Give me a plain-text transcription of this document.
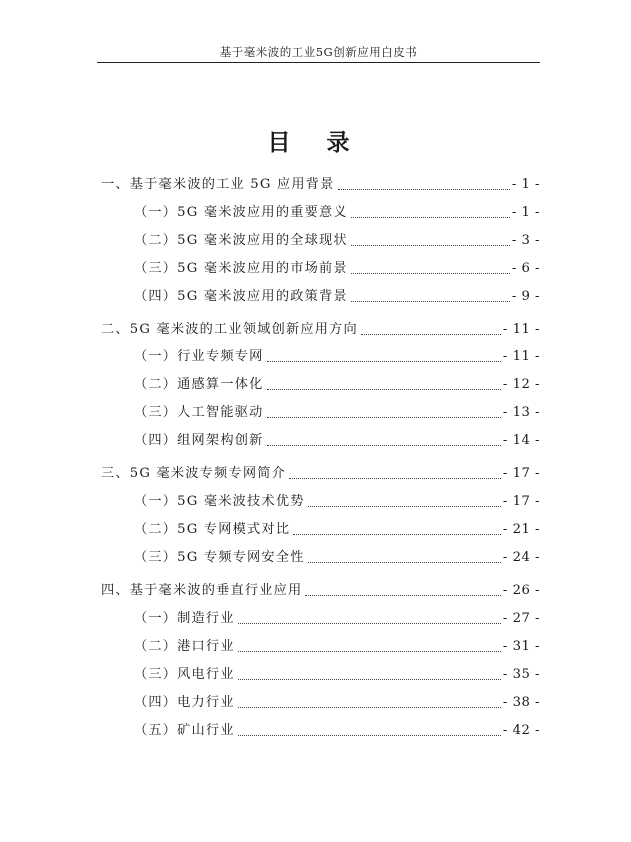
基于毫米波的工业5G创新应用白皮书
目 录
一、基于毫米波的工业 5G 应用背景	- 1 -
（一）5G 毫米波应用的重要意义	- 1 -
（二）5G 毫米波应用的全球现状	- 3 -
（三）5G 毫米波应用的市场前景	- 6 -
（四）5G 毫米波应用的政策背景	- 9 -
二、5G 毫米波的工业领域创新应用方向	- 11 -
（一）行业专频专网	- 11 -
（二）通感算一体化	- 12 -
（三）人工智能驱动	- 13 -
（四）组网架构创新	- 14 -
三、5G 毫米波专频专网简介	- 17 -
（一）5G 毫米波技术优势	- 17 -
（二）5G 专网模式对比	- 21 -
（三）5G 专频专网安全性	- 24 -
四、基于毫米波的垂直行业应用	- 26 -
（一）制造行业	- 27 -
（二）港口行业	- 31 -
（三）风电行业	- 35 -
（四）电力行业	- 38 -
（五）矿山行业	- 42 -
